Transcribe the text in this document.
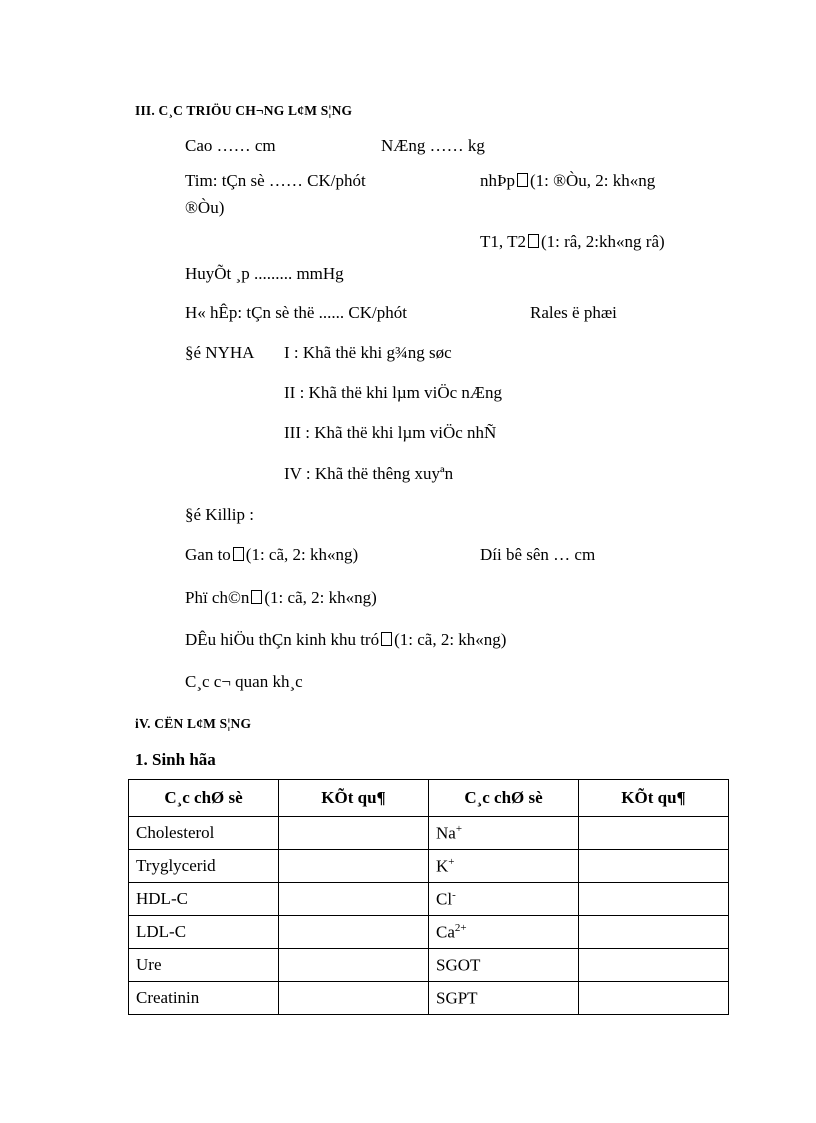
III. C¸C TRIÖU CH¬NG L¢M S¦NG
Cao …… cm	NÆng …… kg
Tim: tÇn sè …… CK/phót	nhÞp (1: ®Òu, 2: kh«ng
®Òu)
T1, T2 (1: râ, 2:kh«ng râ)
HuyÕt ¸p ......... mmHg
H« hÊp: tÇn sè thë ...... CK/phót	Rales ë phæi
§é NYHA I : Khã thë khi g¾ng søc
II : Khã thë khi lµm viÖc nÆng
III : Khã thë khi lµm viÖc nhÑ
IV : Khã thë thêng xuyªn
§é Killip :
Gan to (1: cã, 2: kh«ng)	Díi bê sên … cm
Phï ch©n (1: cã, 2: kh«ng)
DÊu hiÖu thÇn kinh khu tró (1: cã, 2: kh«ng)
C¸c c¬ quan kh¸c
iV. CËN L¢M S¦NG
1. Sinh hãa
C¸c chØ sè	KÕt qu¶	C¸c chØ sè	KÕt qu¶
Cholesterol		Na+	
Tryglycerid		K+	
HDL-C		Cl-	
LDL-C		$Ca^{2+}$	
Ure		SGOT	
Creatinin		SGPT	
